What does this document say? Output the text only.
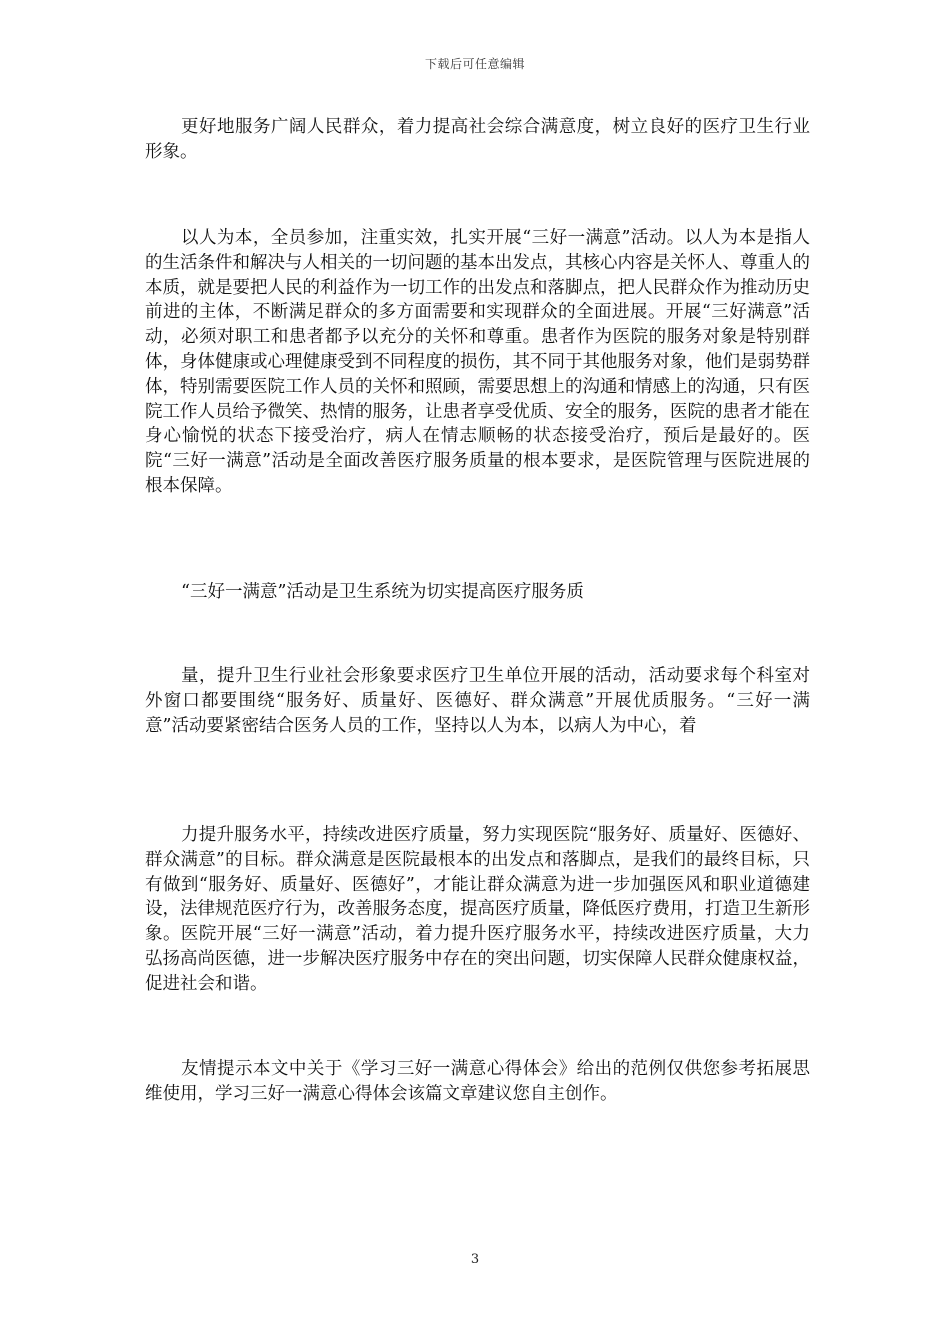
下载后可任意编辑

更好地服务广阔人民群众，着力提高社会综合满意度，树立良好的医疗卫生行业形象。

以人为本，全员参加，注重实效，扎实开展“三好一满意”活动。以人为本是指人的生活条件和解决与人相关的一切问题的基本出发点，其核心内容是关怀人、尊重人的本质，就是要把人民的利益作为一切工作的出发点和落脚点，把人民群众作为推动历史前进的主体，不断满足群众的多方面需要和实现群众的全面进展。开展“三好满意”活动，必须对职工和患者都予以充分的关怀和尊重。患者作为医院的服务对象是特别群体，身体健康或心理健康受到不同程度的损伤，其不同于其他服务对象，他们是弱势群体，特别需要医院工作人员的关怀和照顾，需要思想上的沟通和情感上的沟通，只有医院工作人员给予微笑、热情的服务，让患者享受优质、安全的服务，医院的患者才能在身心愉悦的状态下接受治疗，病人在情志顺畅的状态接受治疗，预后是最好的。医院“三好一满意”活动是全面改善医疗服务质量的根本要求，是医院管理与医院进展的根本保障。

“三好一满意”活动是卫生系统为切实提高医疗服务质

量，提升卫生行业社会形象要求医疗卫生单位开展的活动，活动要求每个科室对外窗口都要围绕“服务好、质量好、医德好、群众满意”开展优质服务。“三好一满意”活动要紧密结合医务人员的工作，坚持以人为本，以病人为中心，着

力提升服务水平，持续改进医疗质量，努力实现医院“服务好、质量好、医德好、群众满意”的目标。群众满意是医院最根本的出发点和落脚点，是我们的最终目标，只有做到“服务好、质量好、医德好”，才能让群众满意为进一步加强医风和职业道德建设，法律规范医疗行为，改善服务态度，提高医疗质量，降低医疗费用，打造卫生新形象。医院开展“三好一满意”活动，着力提升医疗服务水平，持续改进医疗质量，大力弘扬高尚医德，进一步解决医疗服务中存在的突出问题，切实保障人民群众健康权益，促进社会和谐。

友情提示本文中关于《学习三好一满意心得体会》给出的范例仅供您参考拓展思维使用，学习三好一满意心得体会该篇文章建议您自主创作。

3
